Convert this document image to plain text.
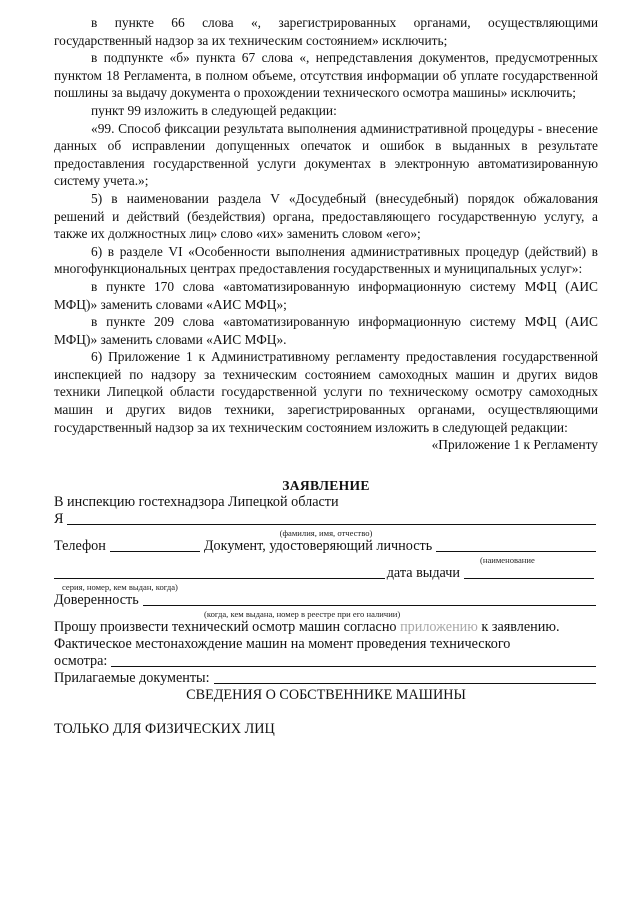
в пункте 66 слова «, зарегистрированных органами, осуществляющими государственный надзор за их техническим состоянием» исключить;

в подпункте «б» пункта 67 слова «, непредставления документов, предусмотренных пунктом 18 Регламента, в полном объеме, отсутствия информации об уплате государственной пошлины за выдачу документа о прохождении технического осмотра машины» исключить;

пункт 99 изложить в следующей редакции:

«99. Способ фиксации результата выполнения административной процедуры - внесение данных об исправлении допущенных опечаток и ошибок в выданных в результате предоставления государственной услуги документах в электронную автоматизированную систему учета.»;

5) в наименовании раздела V «Досудебный (внесудебный) порядок обжалования решений и действий (бездействия) органа, предоставляющего государственную услугу, а также их должностных лиц» слово «их» заменить словом «его»;

6) в разделе VI «Особенности выполнения административных процедур (действий) в многофункциональных центрах предоставления государственных и муниципальных услуг»:

в пункте 170 слова «автоматизированную информационную систему МФЦ (АИС МФЦ)» заменить словами «АИС МФЦ»;

в пункте 209 слова «автоматизированную информационную систему МФЦ (АИС МФЦ)» заменить словами «АИС МФЦ».

6) Приложение 1 к Административному регламенту предоставления государственной инспекцией по надзору за техническим состоянием самоходных машин и других видов техники Липецкой области государственной услуги по техническому осмотру самоходных машин и других видов техники, зарегистрированных органами, осуществляющими государственный надзор за их техническим состоянием изложить в следующей редакции:

«Приложение 1 к Регламенту

ЗАЯВЛЕНИЕ
В инспекцию гостехнадзора Липецкой области
Я
(фамилия, имя, отчество)
Телефон	Документ, удостоверяющий личность
(наименование
дата выдачи
серия, номер, кем выдан, когда)
Доверенность
(когда, кем выдана, номер в реестре при его наличии)
Прошу произвести технический осмотр машин согласно приложению к заявлению.
Фактическое местонахождение машин на момент проведения технического
осмотра:
Прилагаемые документы:
СВЕДЕНИЯ О СОБСТВЕННИКЕ МАШИНЫ
ТОЛЬКО ДЛЯ ФИЗИЧЕСКИХ ЛИЦ
